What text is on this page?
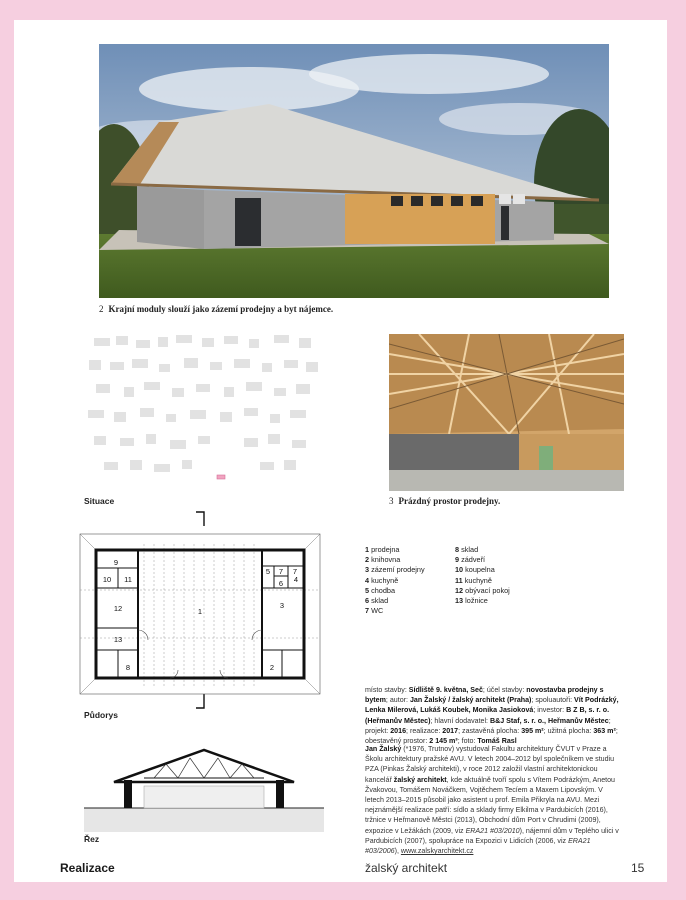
2 Krajní moduly slouží jako zázemí prodejny a byt nájemce.
Situace	3 Prázdný prostor prodejny.
1
2
3
4
5
6
7 7
8
9
10 11
12
13
Půdorys
Řez
1 prodejna
2 knihovna
3 zázemí prodejny
4 kuchyně
5 chodba
6 sklad
7 WC
8 sklad
9 zádveří
10 koupelna
11 kuchyně
12 obývací pokoj
13 ložnice
místo stavby: Sídliště 9. května, Seč; účel stavby: novostavba prodejny s bytem; autor: Jan Žalský / žalský architekt (Praha); spoluautoři: Vít Podrázký, Lenka Milerová, Lukáš Koubek, Monika Jasioková; investor: B Z B, s. r. o. (Heřmanův Městec); hlavní dodavatel: B&J Staf, s. r. o., Heřmanův Městec; projekt: 2016; realizace: 2017; zastavěná plocha: 395 m²; užitná plocha: 363 m²; obestavěný prostor: 2 145 m³; foto: Tomáš Rasl
Jan Žalský (*1976, Trutnov) vystudoval Fakultu architektury ČVUT v Praze a Školu architektury pražské AVU. V letech 2004–2012 byl společníkem ve studiu PZA (Pinkas Žalský architekti), v roce 2012 založil vlastní architektonickou kancelář žalský architekt, kde aktuálně tvoří spolu s Vítem Podrázkým, Anetou Žvakovou, Tomášem Nováčkem, Vojtěchem Tecíem a Maxem Lipovským. V letech 2013–2015 působil jako asistent u prof. Emila Přikryla na AVU. Mezi nejznámější realizace patří: sídlo a sklady firmy Elkilma v Pardubicích (2016), tržnice v Heřmanově Městci (2013), Obchodní dům Port v Chrudimi (2009), expozice v Ležákách (2009, viz ERA21 #03/2010), nájemní dům v Teplého ulici v Pardubicích (2007), spolupráce na Expozici v Lidicích (2006, viz ERA21 #03/2006), www.zalskyarchitekt.cz
Realizace	žalský architekt	15
